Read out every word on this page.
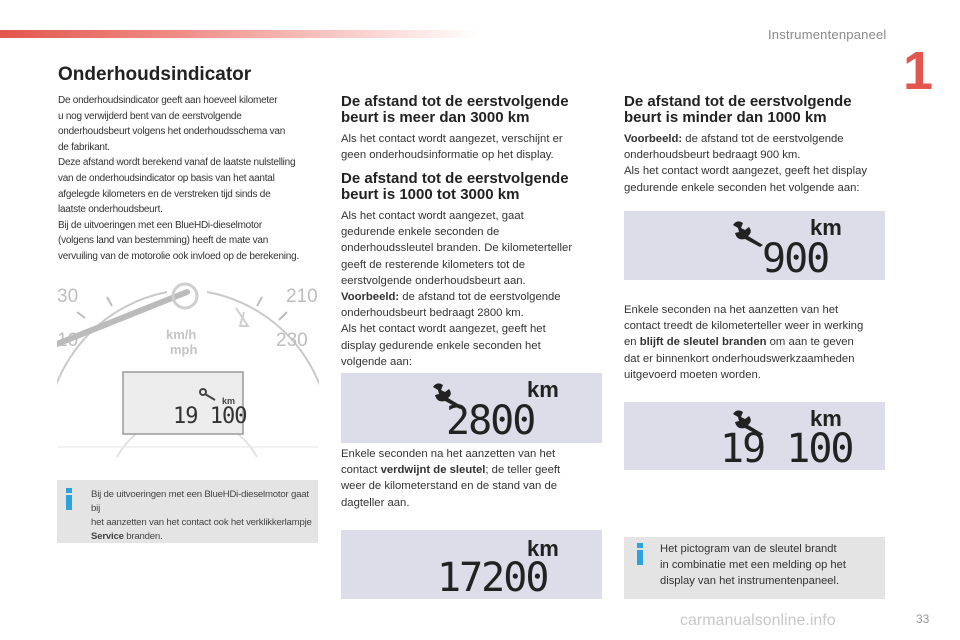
Instrumentenpaneel
1
Onderhoudsindicator

De onderhoudsindicator geeft aan hoeveel kilometer

u nog verwijderd bent van de eerstvolgende

onderhoudsbeurt volgens het onderhoudsschema van

de fabrikant.

Deze afstand wordt berekend vanaf de laatste nulstelling

van de onderhoudsindicator op basis van het aantal

afgelegde kilometers en de verstreken tijd sinds de

laatste onderhoudsbeurt.

Bij de uitvoeringen met een BlueHDi-dieselmotor

(volgens land van bestemming) heeft de mate van

vervuiling van de motorolie ook invloed op de berekening.

30
10
210
230
km/h
mph
km
19 100
Bij de uitvoeringen met een BlueHDi-dieselmotor gaat bij
het aanzetten van het contact ook het verklikkerlampje
Service branden.
De afstand tot de eerstvolgende
beurt is meer dan 3000 km

Als het contact wordt aangezet, verschijnt er

geen onderhoudsinformatie op het display.

De afstand tot de eerstvolgende
beurt is 1000 tot 3000 km

Als het contact wordt aangezet, gaat

gedurende enkele seconden de

onderhoudssleutel branden. De kilometerteller

geeft de resterende kilometers tot de

eerstvolgende onderhoudsbeurt aan.

Voorbeeld: de afstand tot de eerstvolgende

onderhoudsbeurt bedraagt 2800 km.

Als het contact wordt aangezet, geeft het

display gedurende enkele seconden het

volgende aan:

km
2800

Enkele seconden na het aanzetten van het

contact verdwijnt de sleutel; de teller geeft

weer de kilometerstand en de stand van de

dagteller aan.

km
17200
De afstand tot de eerstvolgende
beurt is minder dan 1000 km

Voorbeeld: de afstand tot de eerstvolgende

onderhoudsbeurt bedraagt 900 km.

Als het contact wordt aangezet, geeft het display

gedurende enkele seconden het volgende aan:

km
900

Enkele seconden na het aanzetten van het

contact treedt de kilometerteller weer in werking

en blijft de sleutel branden om aan te geven

dat er binnenkort onderhoudswerkzaamheden

uitgevoerd moeten worden.

km
19 100
Het pictogram van de sleutel brandt
in combinatie met een melding op het
display van het instrumentenpaneel.
carmanualsonline.info	33
